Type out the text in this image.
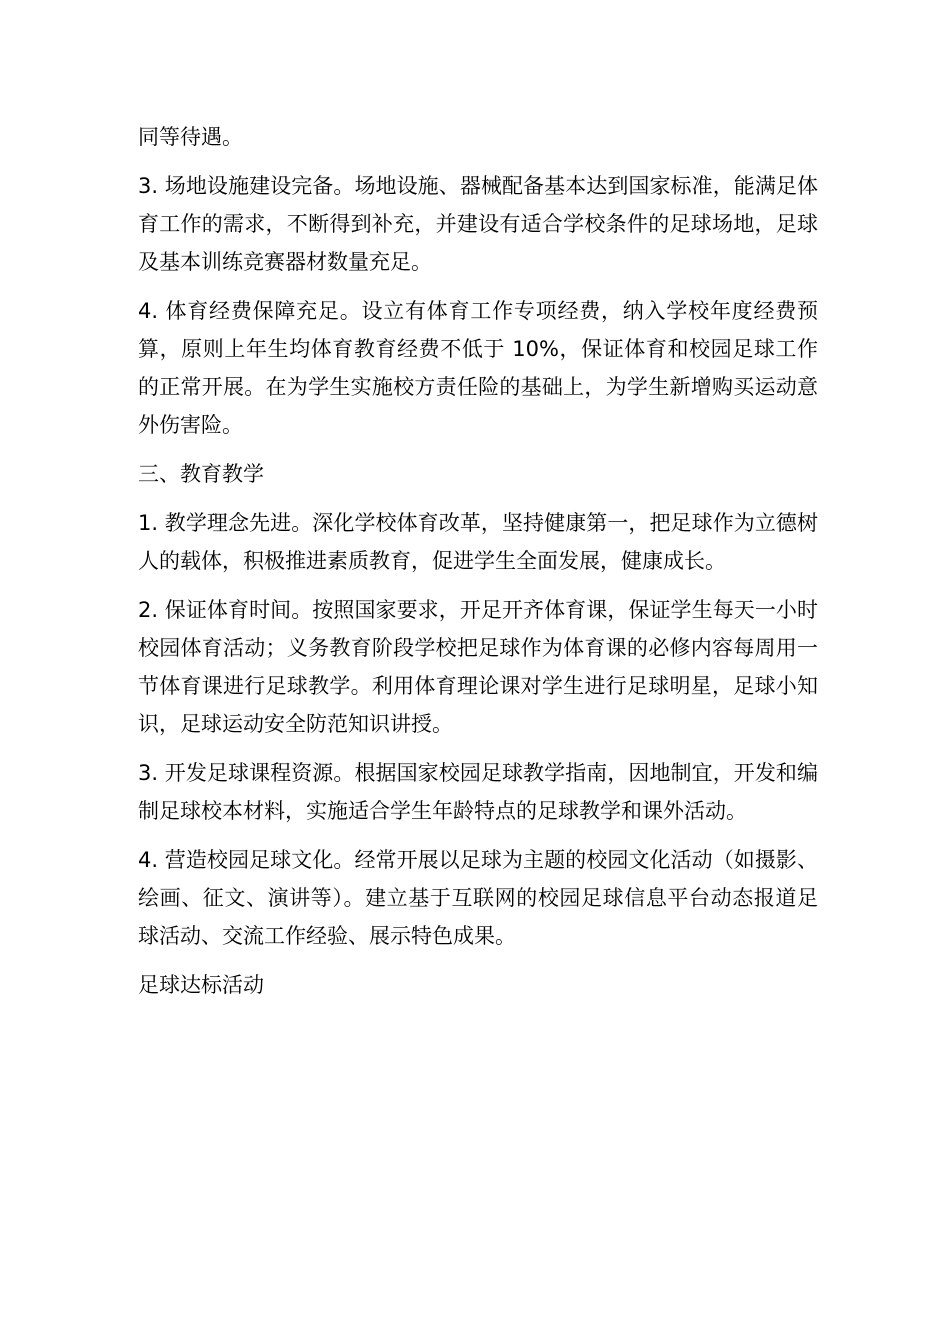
同等待遇。

3. 场地设施建设完备。场地设施、器械配备基本达到国家标准，能满足体育工作的需求，不断得到补充，并建设有适合学校条件的足球场地，足球及基本训练竞赛器材数量充足。

4. 体育经费保障充足。设立有体育工作专项经费，纳入学校年度经费预算，原则上年生均体育教育经费不低于 10%，保证体育和校园足球工作的正常开展。在为学生实施校方责任险的基础上，为学生新增购买运动意外伤害险。

三、教育教学

1. 教学理念先进。深化学校体育改革，坚持健康第一，把足球作为立德树人的载体，积极推进素质教育，促进学生全面发展，健康成长。

2. 保证体育时间。按照国家要求，开足开齐体育课，保证学生每天一小时校园体育活动；义务教育阶段学校把足球作为体育课的必修内容每周用一节体育课进行足球教学。利用体育理论课对学生进行足球明星，足球小知识，足球运动安全防范知识讲授。

3. 开发足球课程资源。根据国家校园足球教学指南，因地制宜，开发和编制足球校本材料，实施适合学生年龄特点的足球教学和课外活动。

4. 营造校园足球文化。经常开展以足球为主题的校园文化活动（如摄影、绘画、征文、演讲等）。建立基于互联网的校园足球信息平台动态报道足球活动、交流工作经验、展示特色成果。

足球达标活动
